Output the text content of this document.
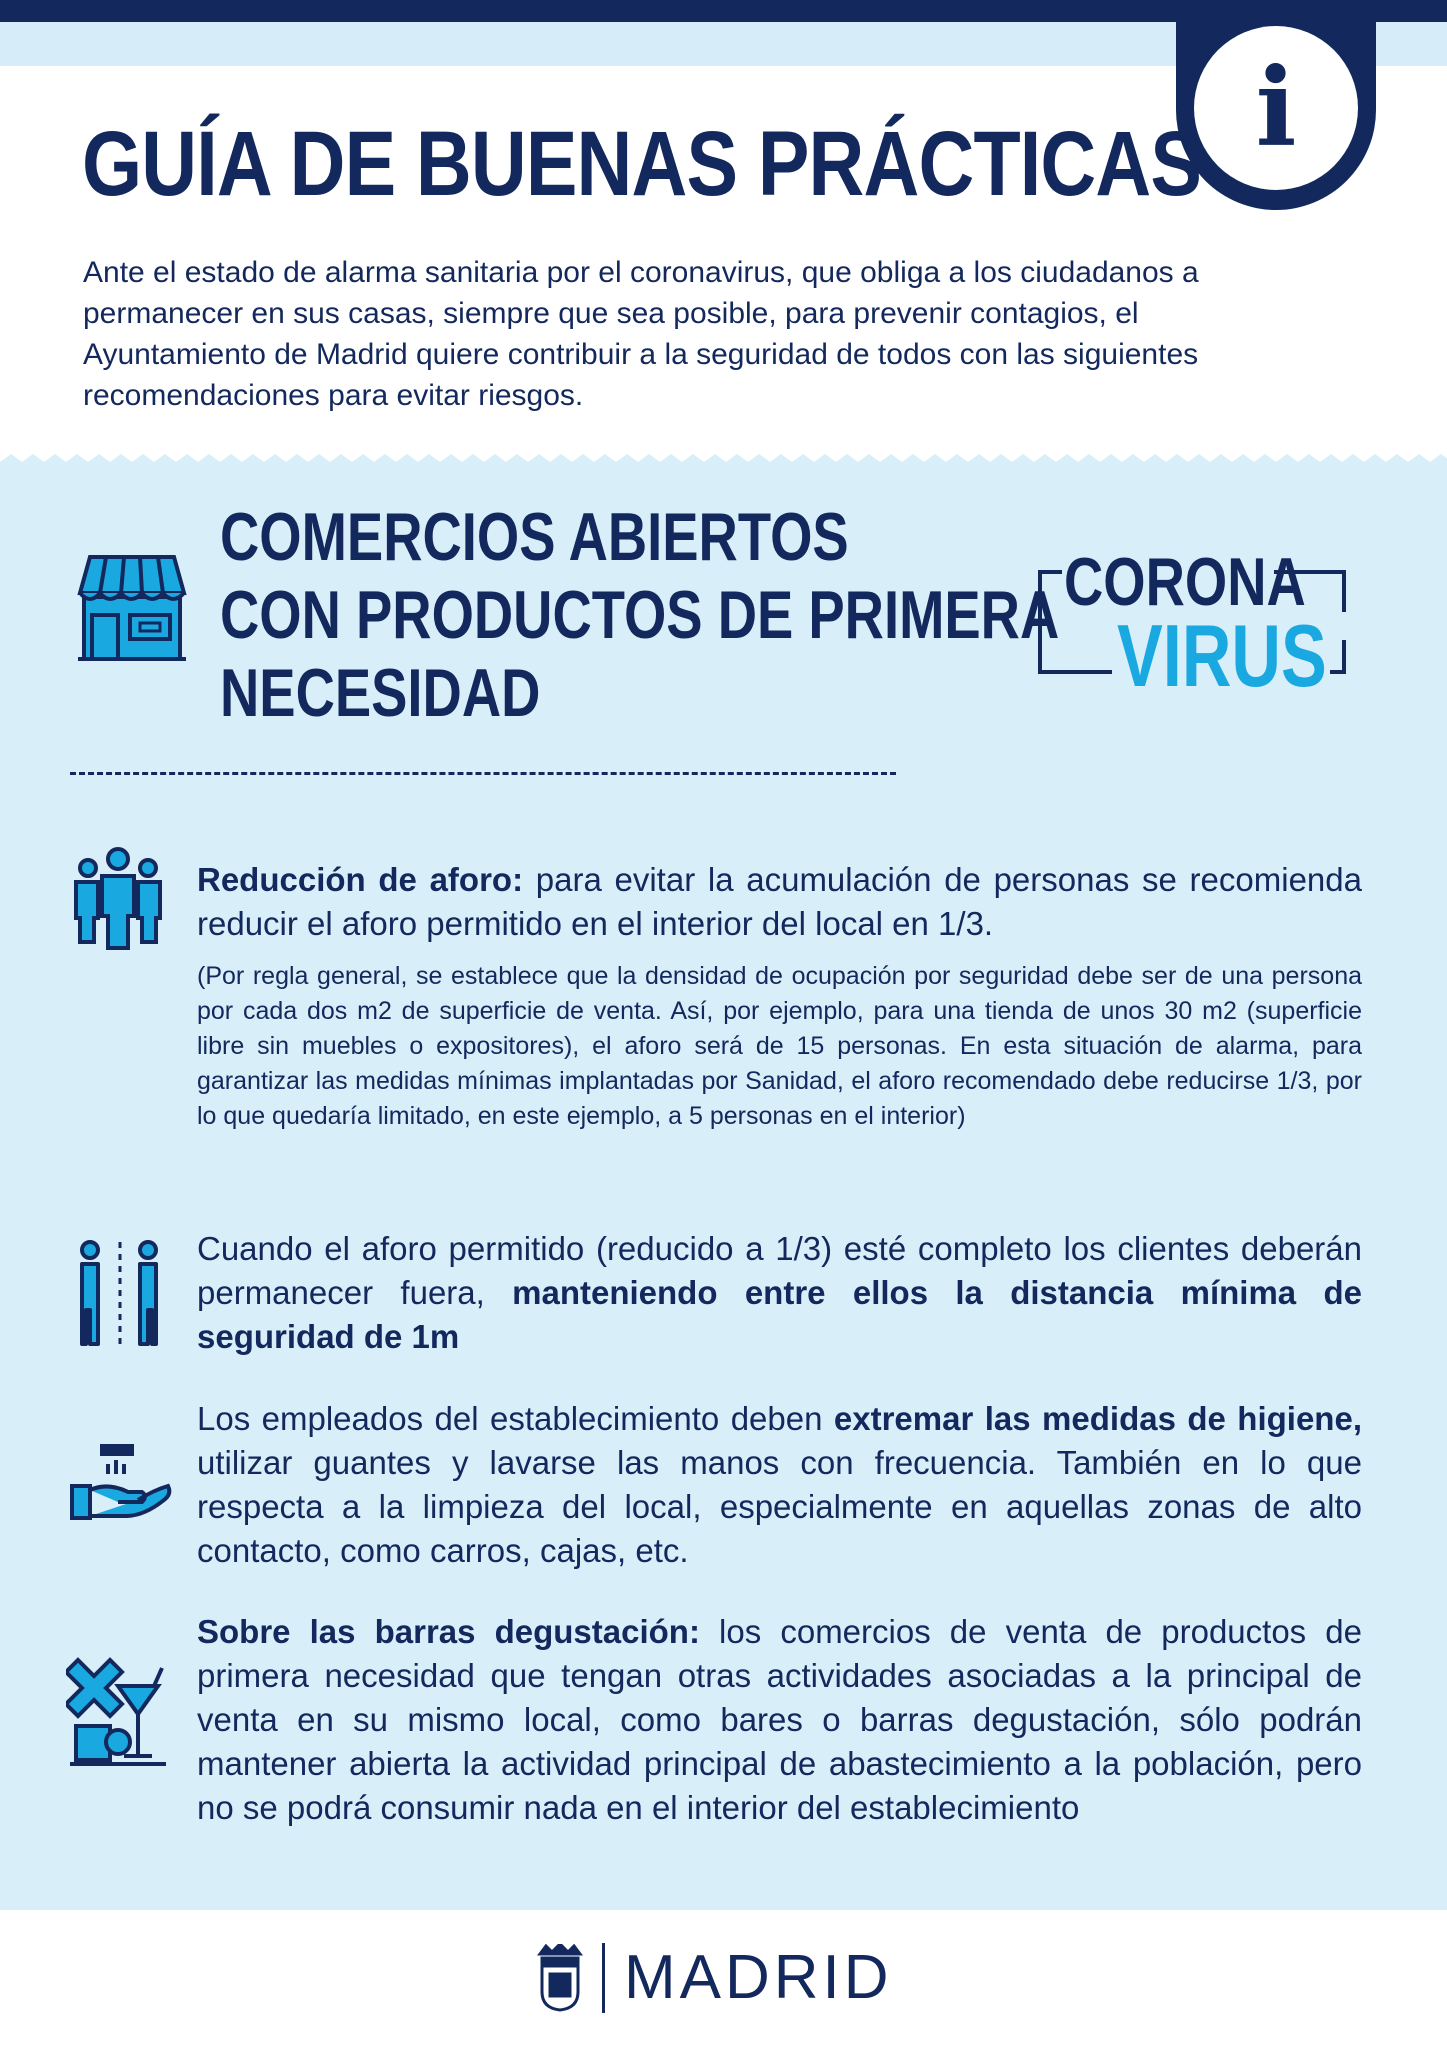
i
GUÍA DE BUENAS PRÁCTICAS

Ante el estado de alarma sanitaria por el coronavirus, que obliga a los ciudadanos a permanecer en sus casas, siempre que sea posible, para prevenir contagios, el Ayuntamiento de Madrid quiere contribuir a la seguridad de todos con las siguientes recomendaciones para evitar riesgos.

COMERCIOS ABIERTOS
CON PRODUCTOS DE PRIMERA
NECESIDAD
CORONA
VIRUS

Reducción de aforo: para evitar la acumulación de personas se recomienda reducir el aforo permitido en el interior del local en 1/3.

(Por regla general, se establece que la densidad de ocupación por seguridad debe ser de una persona por cada dos m2 de superficie de venta. Así, por ejemplo, para una tienda de unos 30 m2 (superficie libre sin muebles o expositores), el aforo será de 15 personas. En esta situación de alarma, para garantizar las medidas mínimas implantadas por Sanidad, el aforo recomendado debe reducirse 1/3, por lo que quedaría limitado, en este ejemplo, a 5 personas en el interior)

Cuando el aforo permitido (reducido a 1/3) esté completo los clientes deberán permanecer fuera, manteniendo entre ellos la distancia mínima de seguridad de 1m

Los empleados del establecimiento deben extremar las medidas de higiene, utilizar guantes y lavarse las manos con frecuencia. También en lo que respecta a la limpieza del local, especialmente en aquellas zonas de alto contacto, como carros, cajas, etc.

Sobre las barras degustación: los comercios de venta de productos de primera necesidad que tengan otras actividades asociadas a la principal de venta en su mismo local, como bares o barras degustación, sólo podrán mantener abierta la actividad principal de abastecimiento a la población, pero no se podrá consumir nada en el interior del establecimiento

MADRID
